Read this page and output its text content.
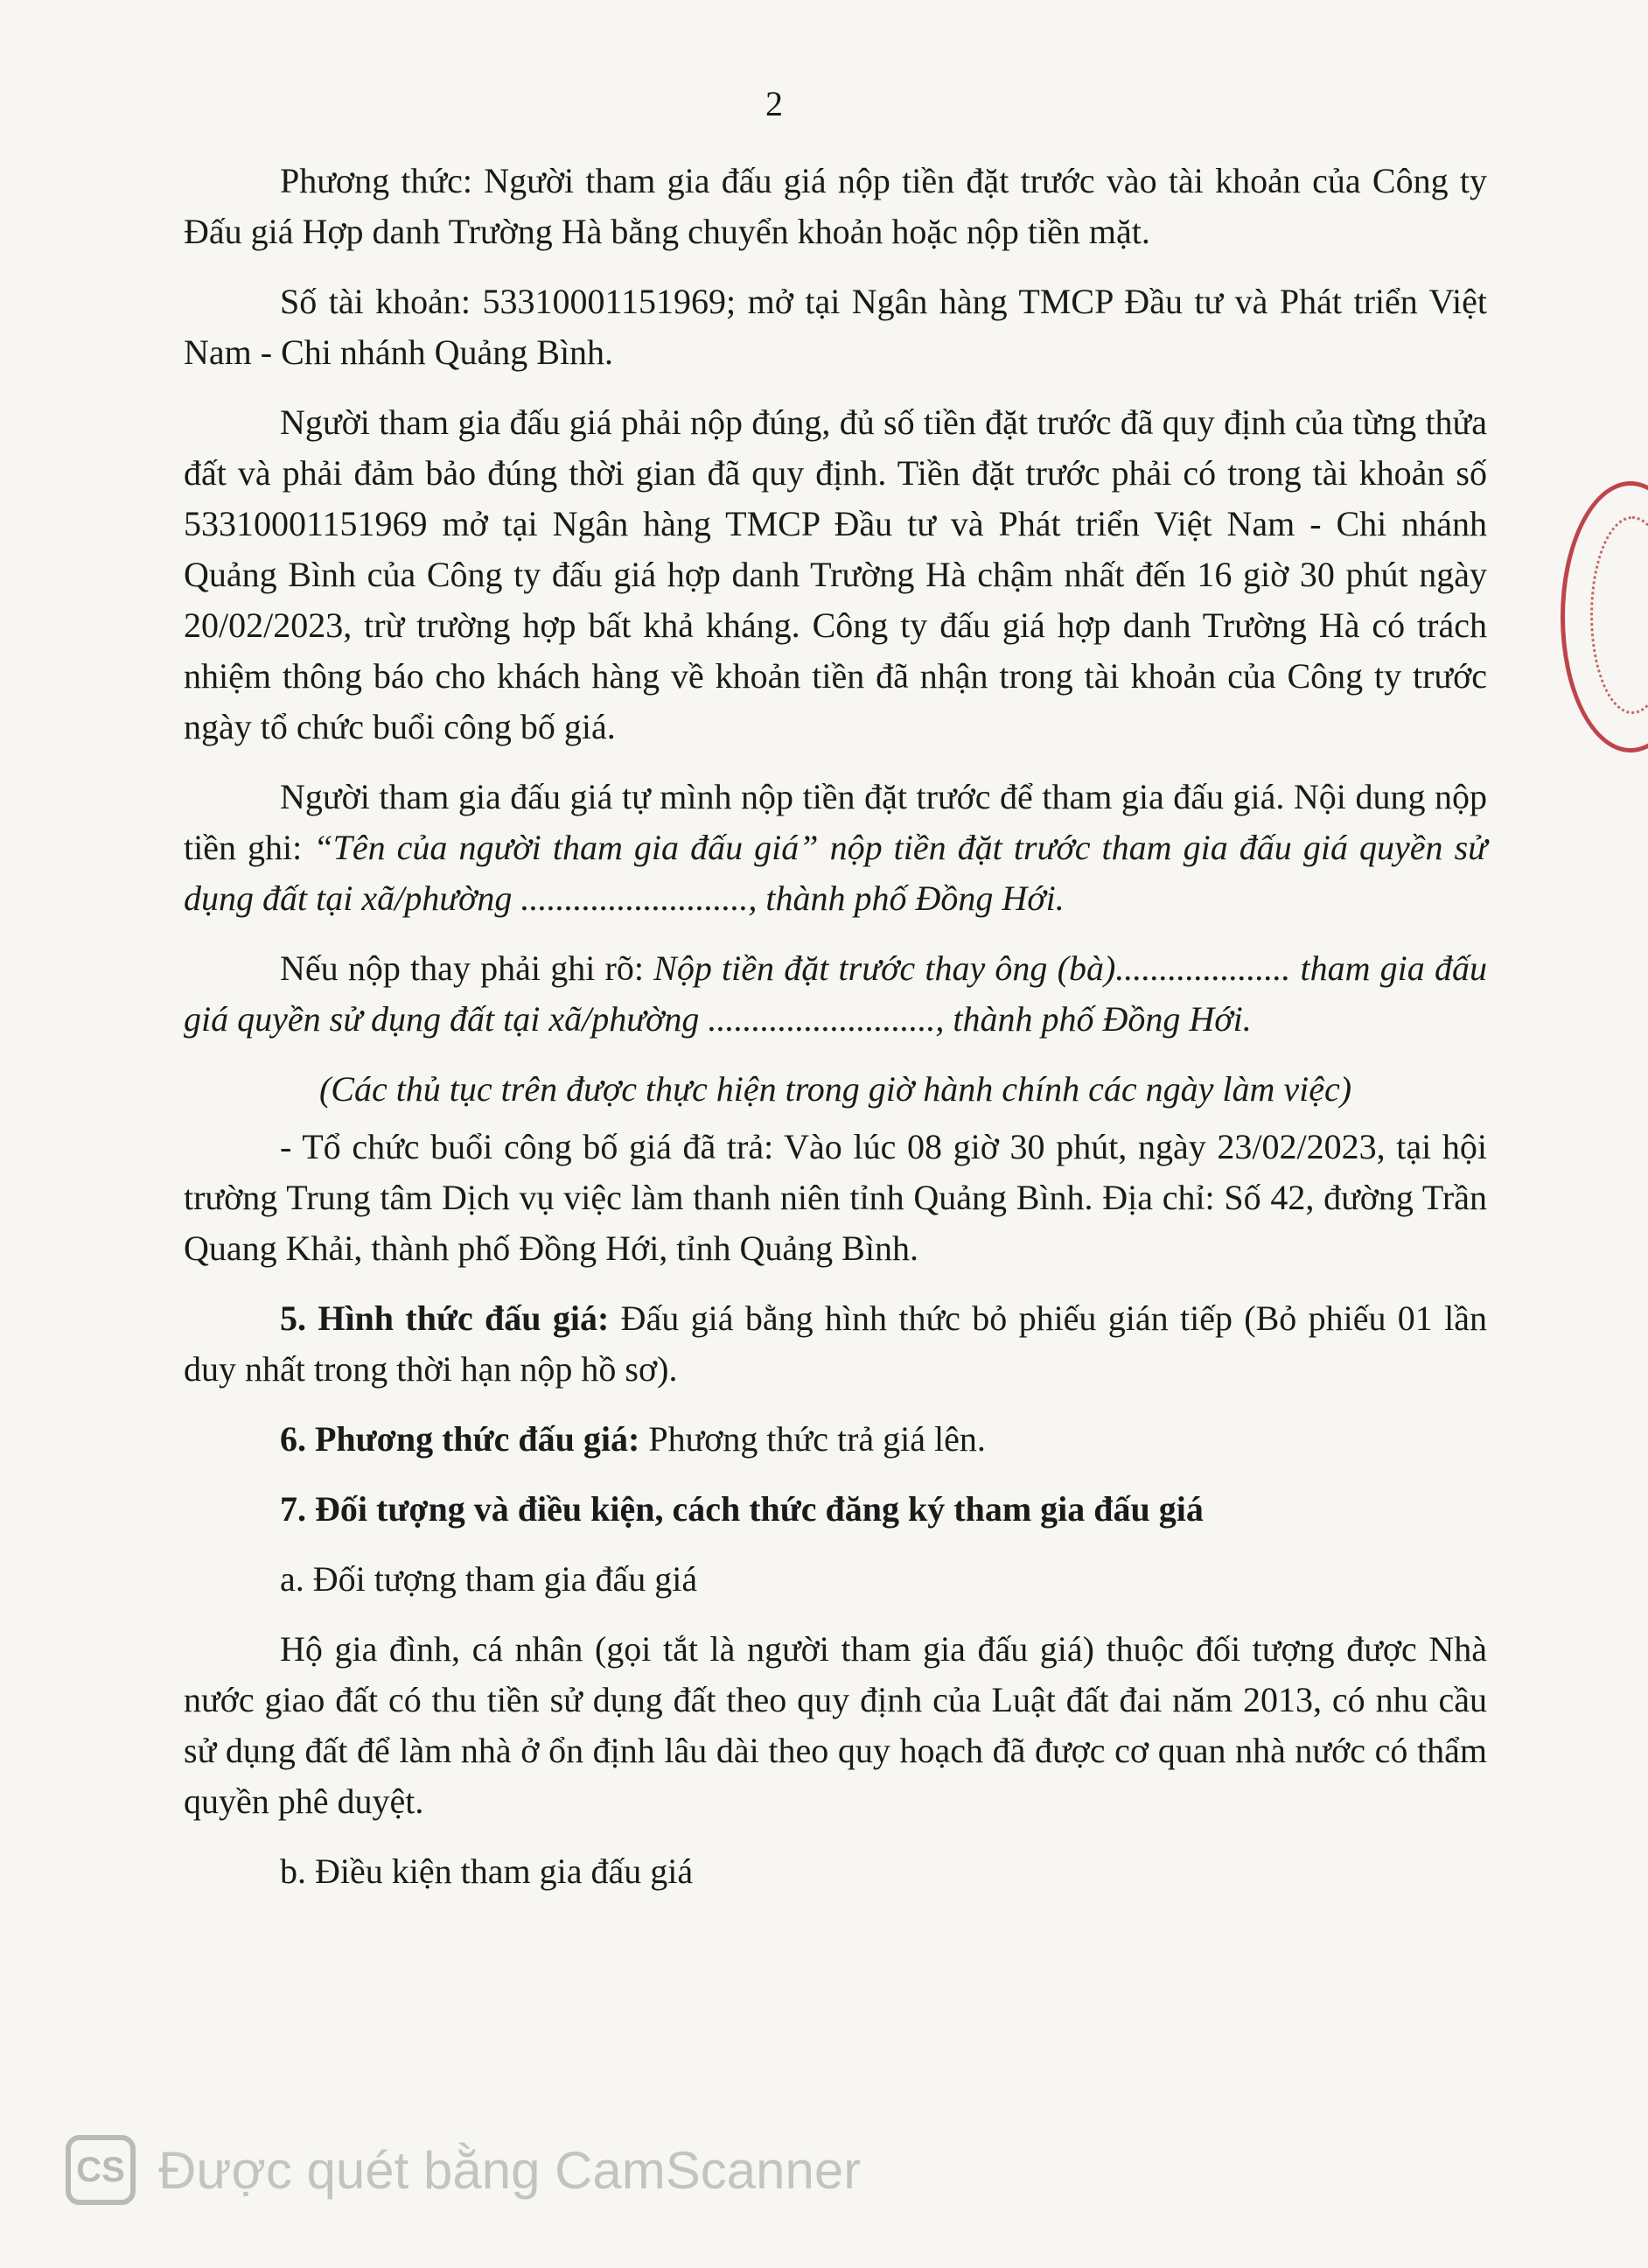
2

Phương thức: Người tham gia đấu giá nộp tiền đặt trước vào tài khoản của Công ty Đấu giá Hợp danh Trường Hà bằng chuyển khoản hoặc nộp tiền mặt.

Số tài khoản: 53310001151969; mở tại Ngân hàng TMCP Đầu tư và Phát triển Việt Nam - Chi nhánh Quảng Bình.

Người tham gia đấu giá phải nộp đúng, đủ số tiền đặt trước đã quy định của từng thửa đất và phải đảm bảo đúng thời gian đã quy định. Tiền đặt trước phải có trong tài khoản số 53310001151969 mở tại Ngân hàng TMCP Đầu tư và Phát triển Việt Nam - Chi nhánh Quảng Bình của Công ty đấu giá hợp danh Trường Hà chậm nhất đến 16 giờ 30 phút ngày 20/02/2023, trừ trường hợp bất khả kháng. Công ty đấu giá hợp danh Trường Hà có trách nhiệm thông báo cho khách hàng về khoản tiền đã nhận trong tài khoản của Công ty trước ngày tổ chức buổi công bố giá.

Người tham gia đấu giá tự mình nộp tiền đặt trước để tham gia đấu giá. Nội dung nộp tiền ghi: “Tên của người tham gia đấu giá” nộp tiền đặt trước tham gia đấu giá quyền sử dụng đất tại xã/phường .........................., thành phố Đồng Hới.

Nếu nộp thay phải ghi rõ: Nộp tiền đặt trước thay ông (bà).................... tham gia đấu giá quyền sử dụng đất tại xã/phường .........................., thành phố Đồng Hới.

(Các thủ tục trên được thực hiện trong giờ hành chính các ngày làm việc)

- Tổ chức buổi công bố giá đã trả: Vào lúc 08 giờ 30 phút, ngày 23/02/2023, tại hội trường Trung tâm Dịch vụ việc làm thanh niên tỉnh Quảng Bình. Địa chỉ: Số 42, đường Trần Quang Khải, thành phố Đồng Hới, tỉnh Quảng Bình.

5. Hình thức đấu giá: Đấu giá bằng hình thức bỏ phiếu gián tiếp (Bỏ phiếu 01 lần duy nhất trong thời hạn nộp hồ sơ).

6. Phương thức đấu giá: Phương thức trả giá lên.

7. Đối tượng và điều kiện, cách thức đăng ký tham gia đấu giá

a. Đối tượng tham gia đấu giá

Hộ gia đình, cá nhân (gọi tắt là người tham gia đấu giá) thuộc đối tượng được Nhà nước giao đất có thu tiền sử dụng đất theo quy định của Luật đất đai năm 2013, có nhu cầu sử dụng đất để làm nhà ở ổn định lâu dài theo quy hoạch đã được cơ quan nhà nước có thẩm quyền phê duyệt.

b. Điều kiện tham gia đấu giá

CS Được quét bằng CamScanner
